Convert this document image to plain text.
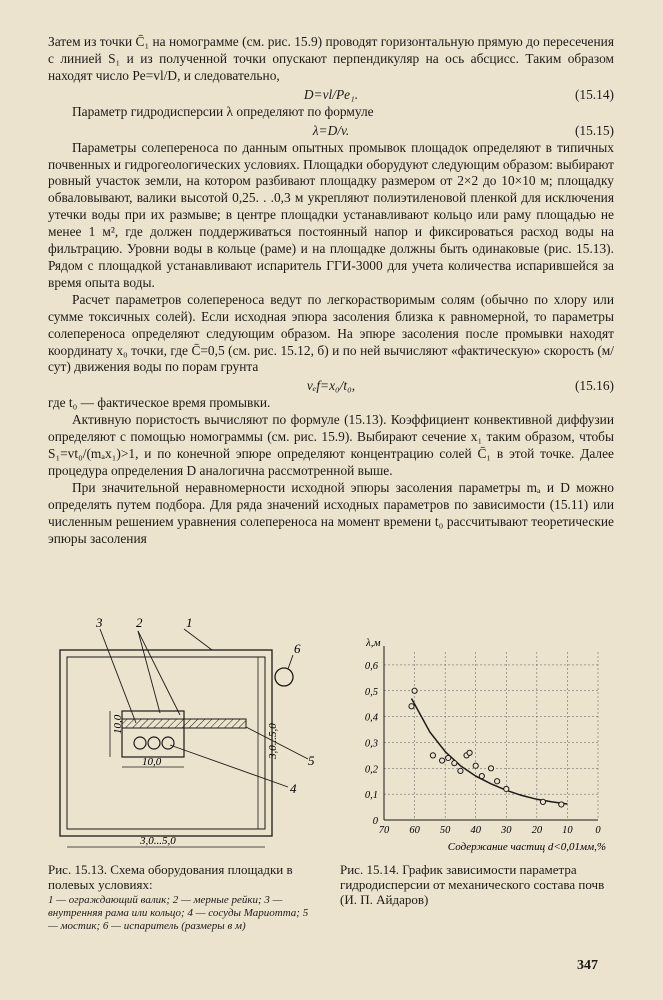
Затем из точки C̄₁ на номограмме (см. рис. 15.9) проводят горизонтальную прямую до пересечения с линией S₁ и из полученной точки опускают перпендикуляр на ось абсцисс. Таким образом находят число Pe=vl/D, и следовательно,

D=vl/Pe₁.	(15.14)

Параметр гидродисперсии λ определяют по формуле

λ=D/v.	(15.15)

Параметры солепереноса по данным опытных промывок площадок определяют в типичных почвенных и гидрогеологических условиях. Площадки оборудуют следующим образом: выбирают ровный участок земли, на котором разбивают площадку размером от 2×2 до 10×10 м; площадку обваловывают, валики высотой 0,25. . .0,3 м укрепляют полиэтиленовой пленкой для исключения утечки воды при их размыве; в центре площадки устанавливают кольцо или раму площадью не менее 1 м², где должен поддерживаться постоянный напор и фиксироваться расход воды на фильтрацию. Уровни воды в кольце (раме) и на площадке должны быть одинаковые (рис. 15.13). Рядом с площадкой устанавливают испаритель ГГИ-3000 для учета количества испарившейся за время опыта воды.

Расчет параметров солепереноса ведут по легкорастворимым солям (обычно по хлору или сумме токсичных солей). Если исходная эпюра засоления близка к равномерной, то параметры солепереноса определяют следующим образом. На эпюре засоления после промывки находят координату x₀ точки, где C̄=0,5 (см. рис. 15.12, б) и по ней вычисляют «фактическую» скорость (м/сут) движения воды по порам грунта

vₑf=x₀/t₀,	(15.16)

где t₀ — фактическое время промывки.

Активную пористость вычисляют по формуле (15.13). Коэффициент конвективной диффузии определяют с помощью номограммы (см. рис. 15.9). Выбирают сечение x₁ таким образом, чтобы S₁=vt₀/(mₐx₁)>1, и по конечной эпюре определяют концентрацию солей C̄₁ в этой точке. Далее процедура определения D аналогична рассмотренной выше.

При значительной неравномерности исходной эпюры засоления параметры mₐ и D можно определять путем подбора. Для ряда значений исходных параметров по зависимости (15.11) или численным решением уравнения солепереноса на момент времени t₀ рассчитывают теоретические эпюры засоления

3	2	1
6
5
4
10,0
10,0
3,0...5,0
3,0...5,0
70 60 50 40 30 20 10 0
0
0,1
0,2
0,3
0,4
0,5
0,6
λ,м
Содержание частиц d<0,01мм,%
Рис. 15.13. Схема оборудования площадки в полевых условиях:
1 — ограждающий валик; 2 — мерные рейки; 3 — внутренняя рама или кольцо; 4 — сосуды Мариотта; 5 — мостик; 6 — испаритель (размеры в м)
Рис. 15.14. График зависимости параметра гидродисперсии от механического состава почв (И. П. Айдаров)
347
